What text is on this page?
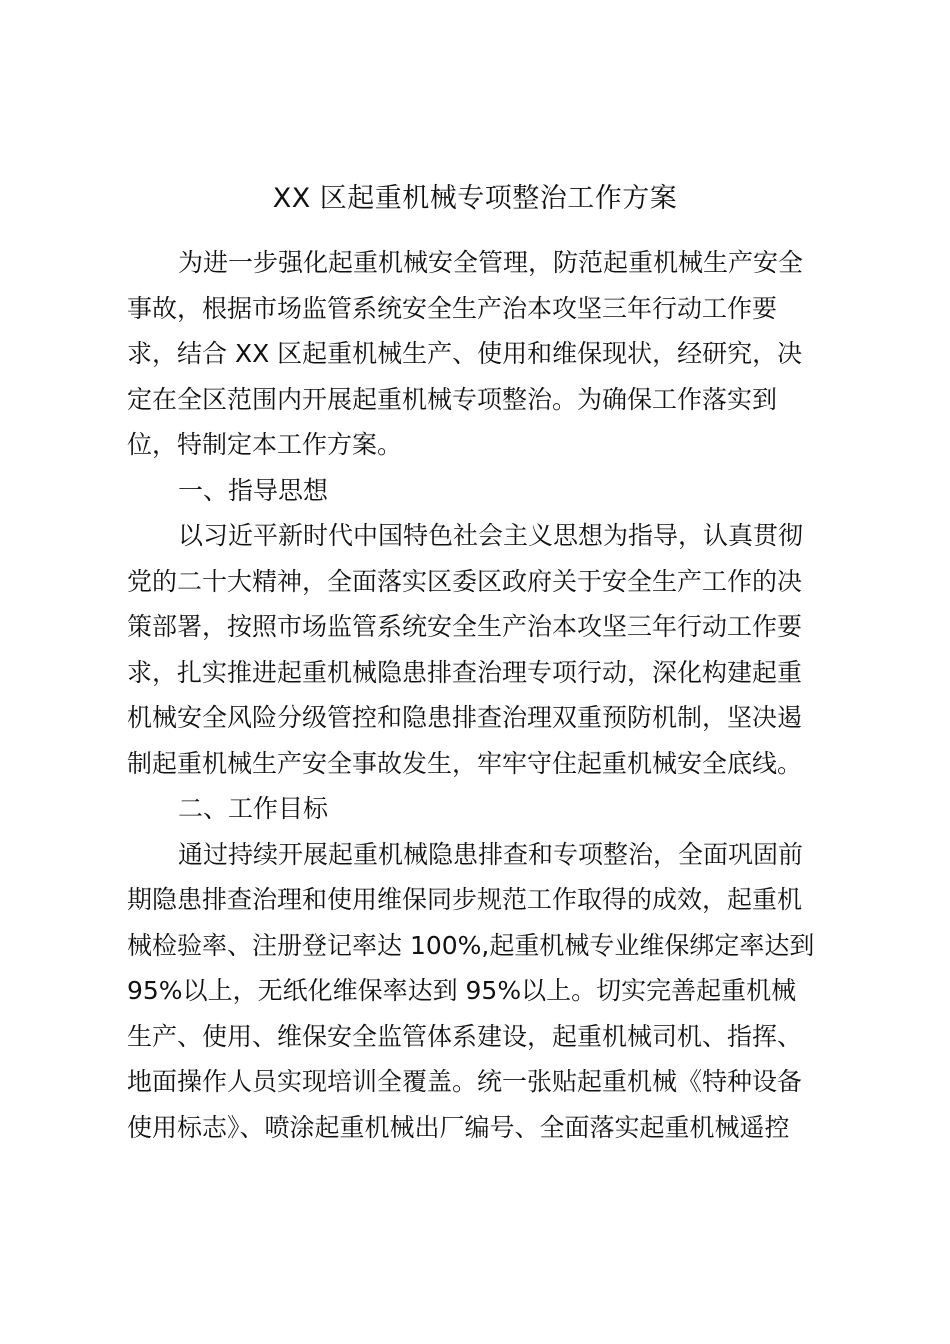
XX 区起重机械专项整治工作方案
为进一步强化起重机械安全管理，防范起重机械生产安全
事故，根据市场监管系统安全生产治本攻坚三年行动工作要
求，结合 XX 区起重机械生产、使用和维保现状，经研究，决
定在全区范围内开展起重机械专项整治。为确保工作落实到
位，特制定本工作方案。
一、指导思想
以习近平新时代中国特色社会主义思想为指导，认真贯彻
党的二十大精神，全面落实区委区政府关于安全生产工作的决
策部署，按照市场监管系统安全生产治本攻坚三年行动工作要
求，扎实推进起重机械隐患排查治理专项行动，深化构建起重
机械安全风险分级管控和隐患排查治理双重预防机制，坚决遏
制起重机械生产安全事故发生，牢牢守住起重机械安全底线。
二、工作目标
通过持续开展起重机械隐患排查和专项整治，全面巩固前
期隐患排查治理和使用维保同步规范工作取得的成效，起重机
械检验率、注册登记率达 100%,起重机械专业维保绑定率达到
95%以上，无纸化维保率达到 95%以上。切实完善起重机械
生产、使用、维保安全监管体系建设，起重机械司机、指挥、
地面操作人员实现培训全覆盖。统一张贴起重机械《特种设备
使用标志》、喷涂起重机械出厂编号、全面落实起重机械遥控
